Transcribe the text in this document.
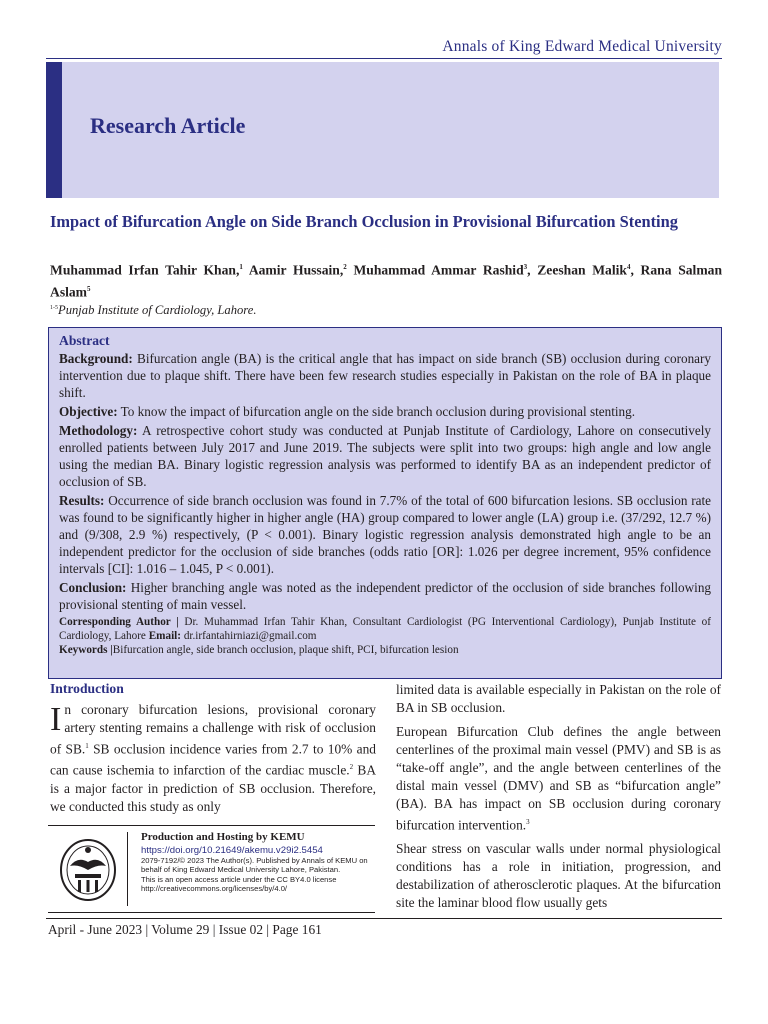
Annals of King Edward Medical University
Research Article
Impact of Bifurcation Angle on Side Branch Occlusion in Provisional Bifurcation Stenting
Muhammad Irfan Tahir Khan,$^1$ Aamir Hussain,$^2$ Muhammad Ammar Rashid$^3$, Zeeshan Malik$^4$, Rana Salman Aslam$^5$
$^{1-5}$Punjab Institute of Cardiology, Lahore.
Abstract

Background: Bifurcation angle (BA) is the critical angle that has impact on side branch (SB) occlusion during coronary intervention due to plaque shift. There have been few research studies especially in Pakistan on the role of BA in plaque shift.

Objective: To know the impact of bifurcation angle on the side branch occlusion during provisional stenting.

Methodology: A retrospective cohort study was conducted at Punjab Institute of Cardiology, Lahore on consecutively enrolled patients between July 2017 and June 2019. The subjects were split into two groups: high angle and low angle using the median BA. Binary logistic regression analysis was performed to identify BA as an independent predictor of occlusion of SB.

Results: Occurrence of side branch occlusion was found in 7.7% of the total of 600 bifurcation lesions. SB occlusion rate was found to be significantly higher in higher angle (HA) group compared to lower angle (LA) group i.e. (37/292, 12.7 %) and (9/308, 2.9 %) respectively, (P < 0.001). Binary logistic regression analysis demonstrated high angle to be an independent predictor for the occlusion of side branches (odds ratio [OR]: 1.026 per degree increment, 95% confidence intervals [CI]: 1.016 – 1.045, P < 0.001).

Conclusion: Higher branching angle was noted as the independent predictor of the occlusion of side branches following provisional stenting of main vessel.

Corresponding Author | Dr. Muhammad Irfan Tahir Khan, Consultant Cardiologist (PG Interventional Cardiology), Punjab Institute of Cardiology, Lahore Email: dr.irfantahirniazi@gmail.com

Keywords |Bifurcation angle, side branch occlusion, plaque shift, PCI, bifurcation lesion

Introduction

In coronary bifurcation lesions, provisional coronary artery stenting remains a challenge with risk of occlusion of SB.$^1$ SB occlusion incidence varies from 2.7 to 10% and can cause ischemia to infarction of the cardiac muscle.$^2$ BA is a major factor in prediction of SB occlusion. Therefore, we conducted this study as only

limited data is available especially in Pakistan on the role of BA in SB occlusion.

European Bifurcation Club defines the angle between centerlines of the proximal main vessel (PMV) and SB is as “take-off angle”, and the angle between centerlines of the distal main vessel (DMV) and SB as “bifurcation angle” (BA). BA has impact on SB occlusion during coronary bifurcation intervention.$^3$

Shear stress on vascular walls under normal physiological conditions has a role in initiation, progression, and destabilization of atherosclerotic plaques. At the bifurcation site the laminar blood flow usually gets

Production and Hosting by KEMU

https://doi.org/10.21649/akemu.v29i2.5454

2079-7192/© 2023 The Author(s). Published by Annals of KEMU on behalf of King Edward Medical University Lahore, Pakistan.

This is an open access article under the CC BY4.0 license http://creativecommons.org/licenses/by/4.0/

April - June 2023 | Volume 29 | Issue 02 | Page 161
